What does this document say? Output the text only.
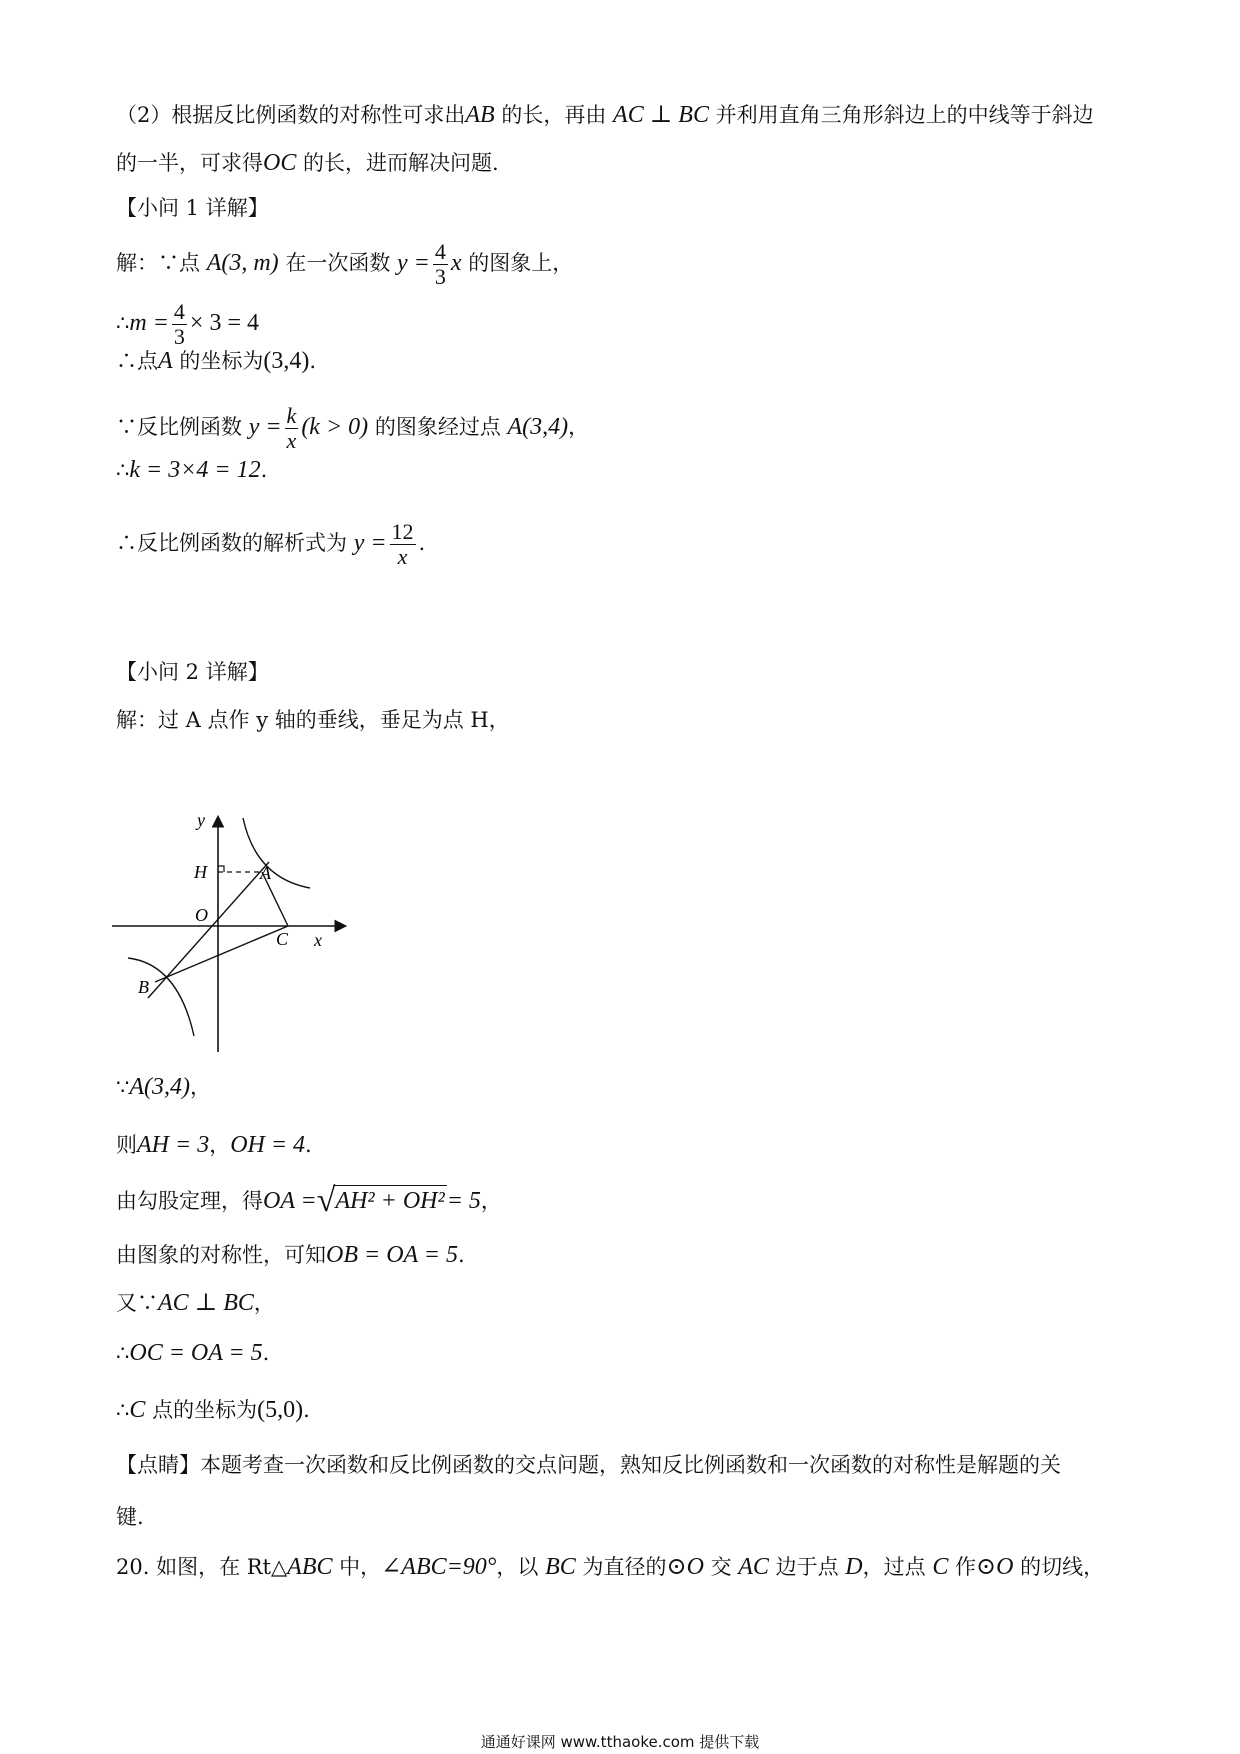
（2）根据反比例函数的对称性可求出AB 的长，再由 AC ⊥ BC 并利用直角三角形斜边上的中线等于斜边
的一半，可求得OC 的长，进而解决问题.
【小问 1 详解】
解：∵点 A(3, m) 在一次函数 $y = \frac{4}{3}$ x 的图象上，
∴m = $\frac{4}{3} \times 3 = 4$
∴点A 的坐标为(3,4).
∵反比例函数 $y = \frac{k}{x} (k > 0)$ 的图象经过点 A(3,4)，
∴k = 3×4 = 12.
∴反比例函数的解析式为 $y = \frac{12}{x}$ .
【小问 2 详解】
解：过 A 点作 y 轴的垂线，垂足为点 H，
y
x
H	A
O
C
B
∵A(3,4)，
则AH = 3，OH = 4.
由勾股定理，得OA =√AH² + OH²= 5，
由图象的对称性，可知OB = OA = 5.
又∵AC ⊥ BC，
∴OC = OA = 5.
∴C 点的坐标为(5,0).
【点睛】本题考查一次函数和反比例函数的交点问题，熟知反比例函数和一次函数的对称性是解题的关
键.
20. 如图，在 Rt△ABC 中，∠ABC=90°，以 BC 为直径的⊙O 交 AC 边于点 D，过点 C 作⊙O 的切线，
通通好课网 www.tthaoke.com 提供下载
